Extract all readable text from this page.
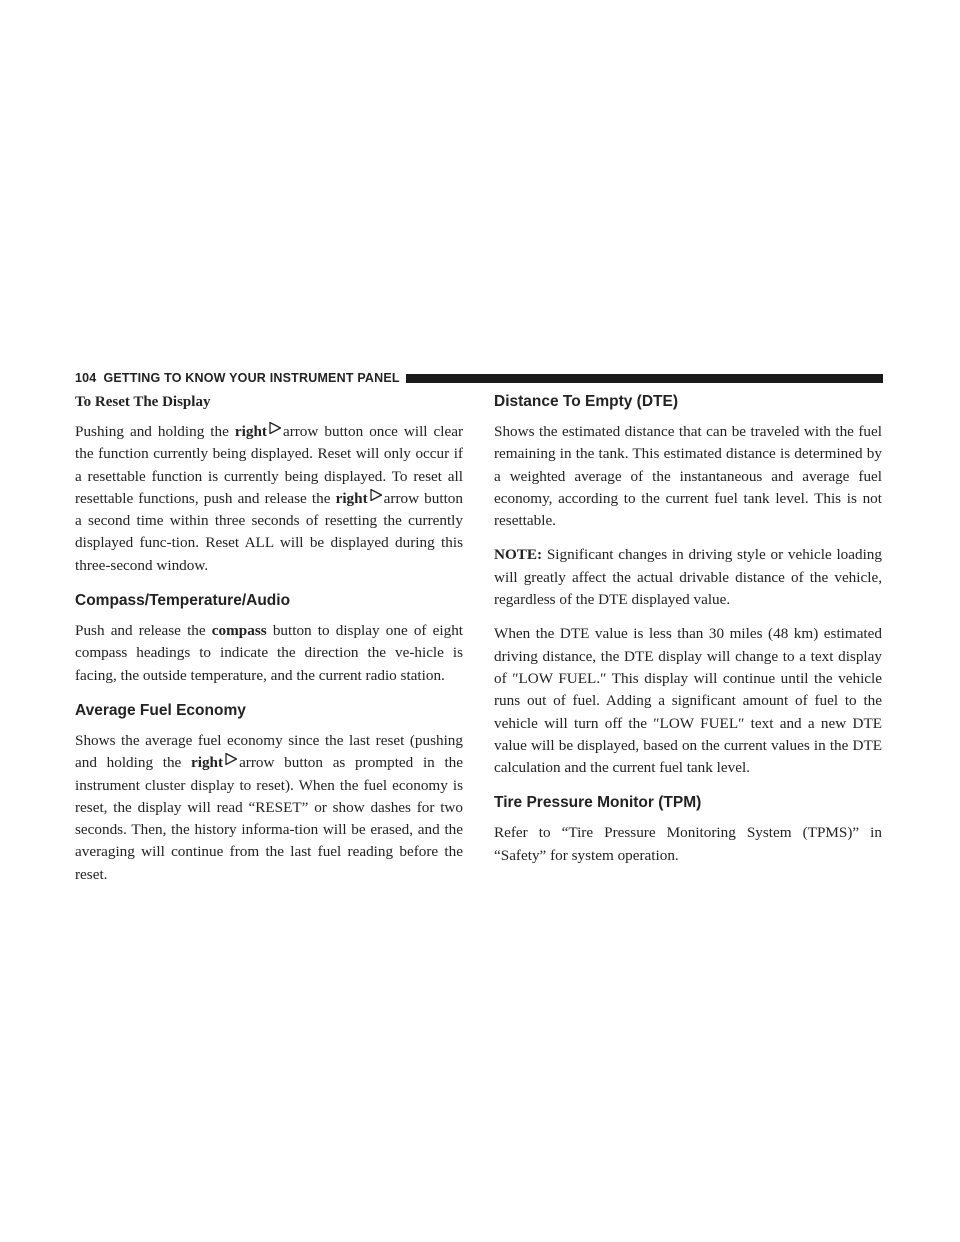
104 GETTING TO KNOW YOUR INSTRUMENT PANEL
To Reset The Display

Pushing and holding the right arrow button once will clear the function currently being displayed. Reset will only occur if a resettable function is currently being displayed. To reset all resettable functions, push and release the right arrow button a second time within three seconds of resetting the currently displayed func-tion. Reset ALL will be displayed during this three-second window.

Compass/Temperature/Audio

Push and release the compass button to display one of eight compass headings to indicate the direction the ve-hicle is facing, the outside temperature, and the current radio station.

Average Fuel Economy

Shows the average fuel economy since the last reset (pushing and holding the right arrow button as prompted in the instrument cluster display to reset). When the fuel economy is reset, the display will read “RESET” or show dashes for two seconds. Then, the history informa-tion will be erased, and the averaging will continue from the last fuel reading before the reset.

Distance To Empty (DTE)

Shows the estimated distance that can be traveled with the fuel remaining in the tank. This estimated distance is determined by a weighted average of the instantaneous and average fuel economy, according to the current fuel tank level. This is not resettable.

NOTE: Significant changes in driving style or vehicle loading will greatly affect the actual drivable distance of the vehicle, regardless of the DTE displayed value.

When the DTE value is less than 30 miles (48 km) estimated driving distance, the DTE display will change to a text display of ″LOW FUEL.″ This display will continue until the vehicle runs out of fuel. Adding a significant amount of fuel to the vehicle will turn off the ″LOW FUEL″ text and a new DTE value will be displayed, based on the current values in the DTE calculation and the current fuel tank level.

Tire Pressure Monitor (TPM)

Refer to “Tire Pressure Monitoring System (TPMS)” in “Safety” for system operation.
